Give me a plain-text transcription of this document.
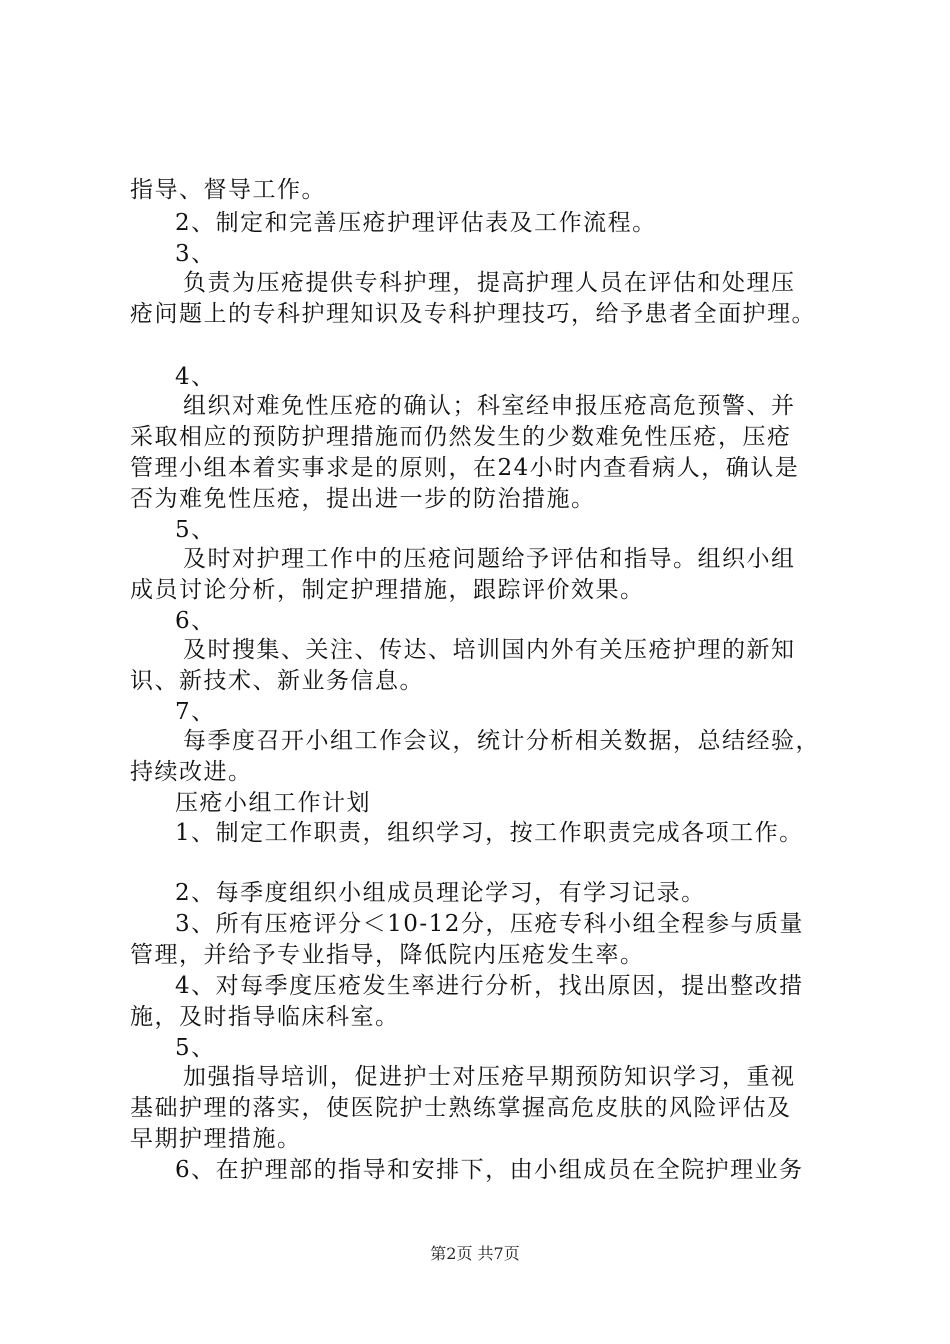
指导、督导工作。
2、制定和完善压疮护理评估表及工作流程。
3、
负责为压疮提供专科护理，提高护理人员在评估和处理压
疮问题上的专科护理知识及专科护理技巧，给予患者全面护理。
4、
组织对难免性压疮的确认；科室经申报压疮高危预警、并
采取相应的预防护理措施而仍然发生的少数难免性压疮，压疮
管理小组本着实事求是的原则，在24小时内查看病人，确认是
否为难免性压疮，提出进一步的防治措施。
5、
及时对护理工作中的压疮问题给予评估和指导。组织小组
成员讨论分析，制定护理措施，跟踪评价效果。
6、
及时搜集、关注、传达、培训国内外有关压疮护理的新知
识、新技术、新业务信息。
7、
每季度召开小组工作会议，统计分析相关数据，总结经验，
持续改进。
压疮小组工作计划
1、制定工作职责，组织学习，按工作职责完成各项工作。
2、每季度组织小组成员理论学习，有学习记录。
3、所有压疮评分＜10-12分，压疮专科小组全程参与质量
管理，并给予专业指导，降低院内压疮发生率。
4、对每季度压疮发生率进行分析，找出原因，提出整改措
施，及时指导临床科室。
5、
加强指导培训，促进护士对压疮早期预防知识学习，重视
基础护理的落实，使医院护士熟练掌握高危皮肤的风险评估及
早期护理措施。
6、在护理部的指导和安排下，由小组成员在全院护理业务
第2页 共7页
